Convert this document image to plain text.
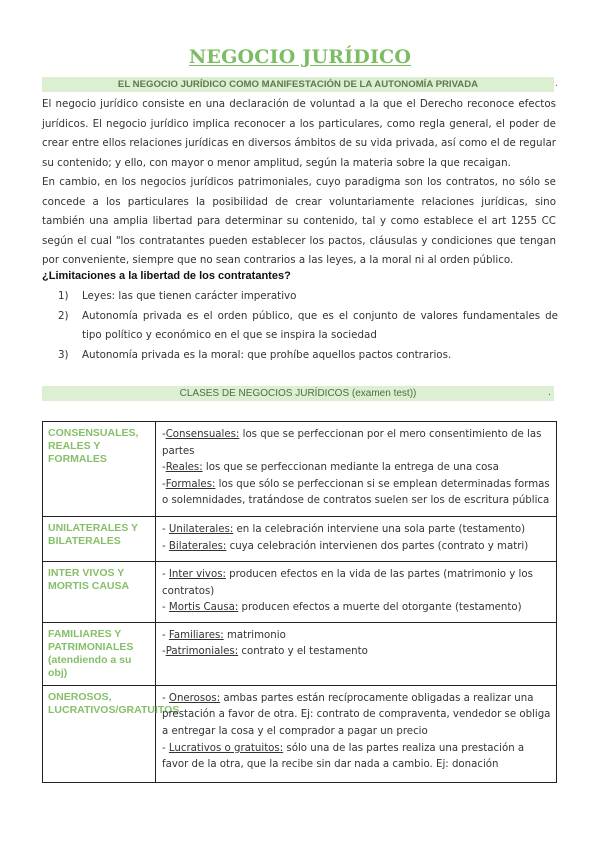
NEGOCIO JURÍDICO
EL NEGOCIO JURÍDICO COMO MANIFESTACIÓN DE LA AUTONOMÍA PRIVADA	.

El negocio jurídico consiste en una declaración de voluntad a la que el Derecho reconoce efectos jurídicos. El negocio jurídico implica reconocer a los particulares, como regla general, el poder de crear entre ellos relaciones jurídicas en diversos ámbitos de su vida privada, así como el de regular su contenido; y ello, con mayor o menor amplitud, según la materia sobre la que recaigan.

En cambio, en los negocios jurídicos patrimoniales, cuyo paradigma son los contratos, no sólo se concede a los particulares la posibilidad de crear voluntariamente relaciones jurídicas, sino también una amplia libertad para determinar su contenido, tal y como establece el art 1255 CC según el cual "los contratantes pueden establecer los pactos, cláusulas y condiciones que tengan por conveniente, siempre que no sean contrarios a las leyes, a la moral ni al orden público.

¿Limitaciones a la libertad de los contratantes?
1) Leyes: las que tienen carácter imperativo
2) Autonomía privada es el orden público, que es el conjunto de valores fundamentales de tipo político y económico en el que se inspira la sociedad
3) Autonomía privada es la moral: que prohíbe aquellos pactos contrarios.
CLASES DE NEGOCIOS JURÍDICOS (examen test))	.
CONSENSUALES, REALES Y FORMALES	-Consensuales: los que se perfeccionan por el mero consentimiento de las partes
-Reales: los que se perfeccionan mediante la entrega de una cosa
-Formales: los que sólo se perfeccionan si se emplean determinadas formas o solemnidades, tratándose de contratos suelen ser los de escritura pública

UNILATERALES Y BILATERALES	- Unilaterales: en la celebración interviene una sola parte (testamento)
- Bilaterales: cuya celebración intervienen dos partes (contrato y matri)

INTER VIVOS Y MORTIS CAUSA	- Inter vivos: producen efectos en la vida de las partes (matrimonio y los contratos)
- Mortis Causa: producen efectos a muerte del otorgante (testamento)

FAMILIARES Y PATRIMONIALES (atendiendo a su obj)	- Familiares: matrimonio
-Patrimoniales: contrato y el testamento

ONEROSOS, LUCRATIVOS/GRATUITOS	- Onerosos: ambas partes están recíprocamente obligadas a realizar una prestación a favor de otra. Ej: contrato de compraventa, vendedor se obliga a entregar la cosa y el comprador a pagar un precio
- Lucrativos o gratuitos: sólo una de las partes realiza una prestación a favor de la otra, que la recibe sin dar nada a cambio. Ej: donación
